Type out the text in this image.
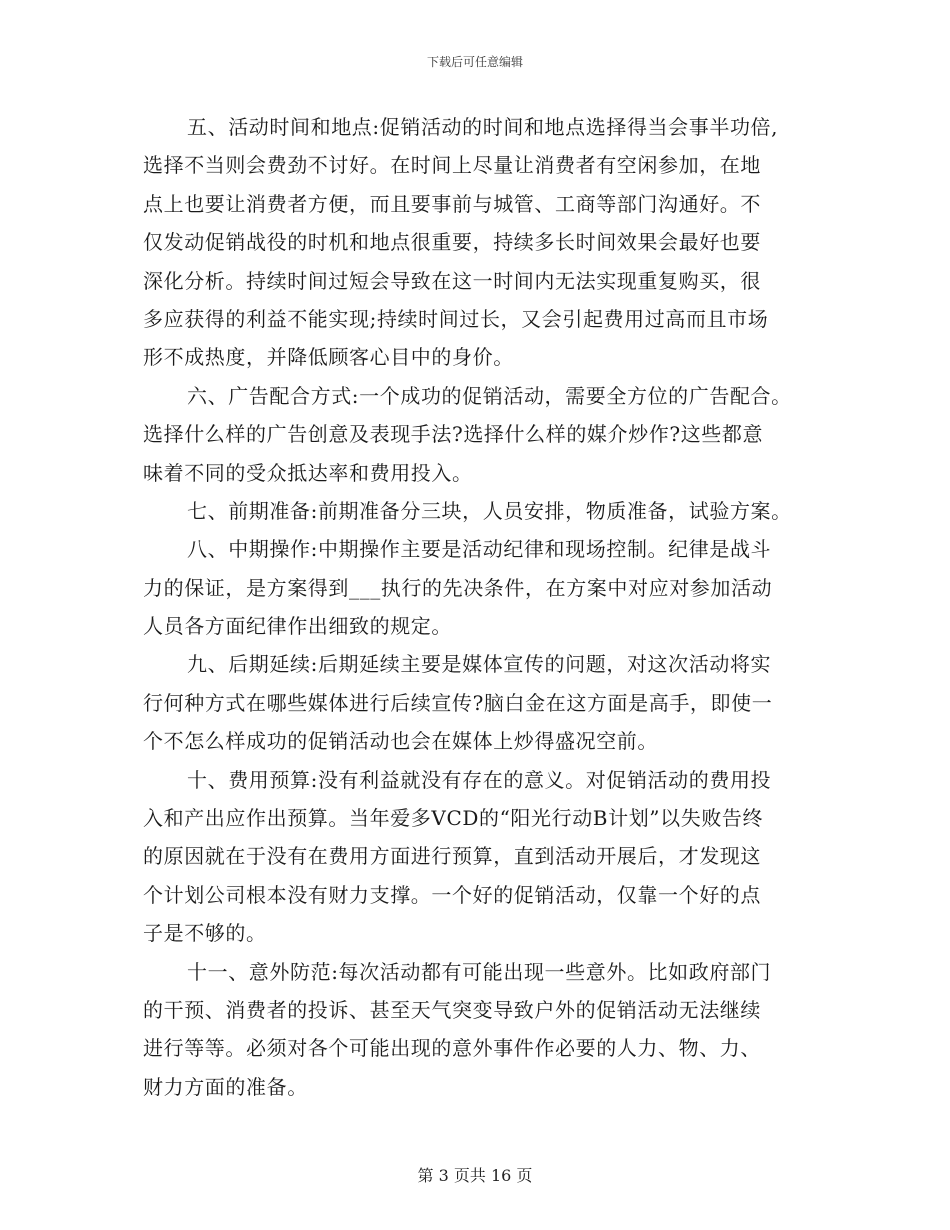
下载后可任意编辑
五、活动时间和地点:促销活动的时间和地点选择得当会事半功倍,
选择不当则会费劲不讨好。在时间上尽量让消费者有空闲参加，在地
点上也要让消费者方便，而且要事前与城管、工商等部门沟通好。不
仅发动促销战役的时机和地点很重要，持续多长时间效果会最好也要
深化分析。持续时间过短会导致在这一时间内无法实现重复购买，很
多应获得的利益不能实现;持续时间过长，又会引起费用过高而且市场
形不成热度，并降低顾客心目中的身价。
六、广告配合方式:一个成功的促销活动，需要全方位的广告配合。
选择什么样的广告创意及表现手法?选择什么样的媒介炒作?这些都意
味着不同的受众抵达率和费用投入。
七、前期准备:前期准备分三块，人员安排，物质准备，试验方案。
八、中期操作:中期操作主要是活动纪律和现场控制。纪律是战斗
力的保证，是方案得到___执行的先决条件，在方案中对应对参加活动
人员各方面纪律作出细致的规定。
九、后期延续:后期延续主要是媒体宣传的问题，对这次活动将实
行何种方式在哪些媒体进行后续宣传?脑白金在这方面是高手，即使一
个不怎么样成功的促销活动也会在媒体上炒得盛况空前。
十、费用预算:没有利益就没有存在的意义。对促销活动的费用投
入和产出应作出预算。当年爱多VCD的“阳光行动B计划”以失败告终
的原因就在于没有在费用方面进行预算，直到活动开展后，才发现这
个计划公司根本没有财力支撑。一个好的促销活动，仅靠一个好的点
子是不够的。
十一、意外防范:每次活动都有可能出现一些意外。比如政府部门
的干预、消费者的投诉、甚至天气突变导致户外的促销活动无法继续
进行等等。必须对各个可能出现的意外事件作必要的人力、物、力、
财力方面的准备。
第 3 页共 16 页
